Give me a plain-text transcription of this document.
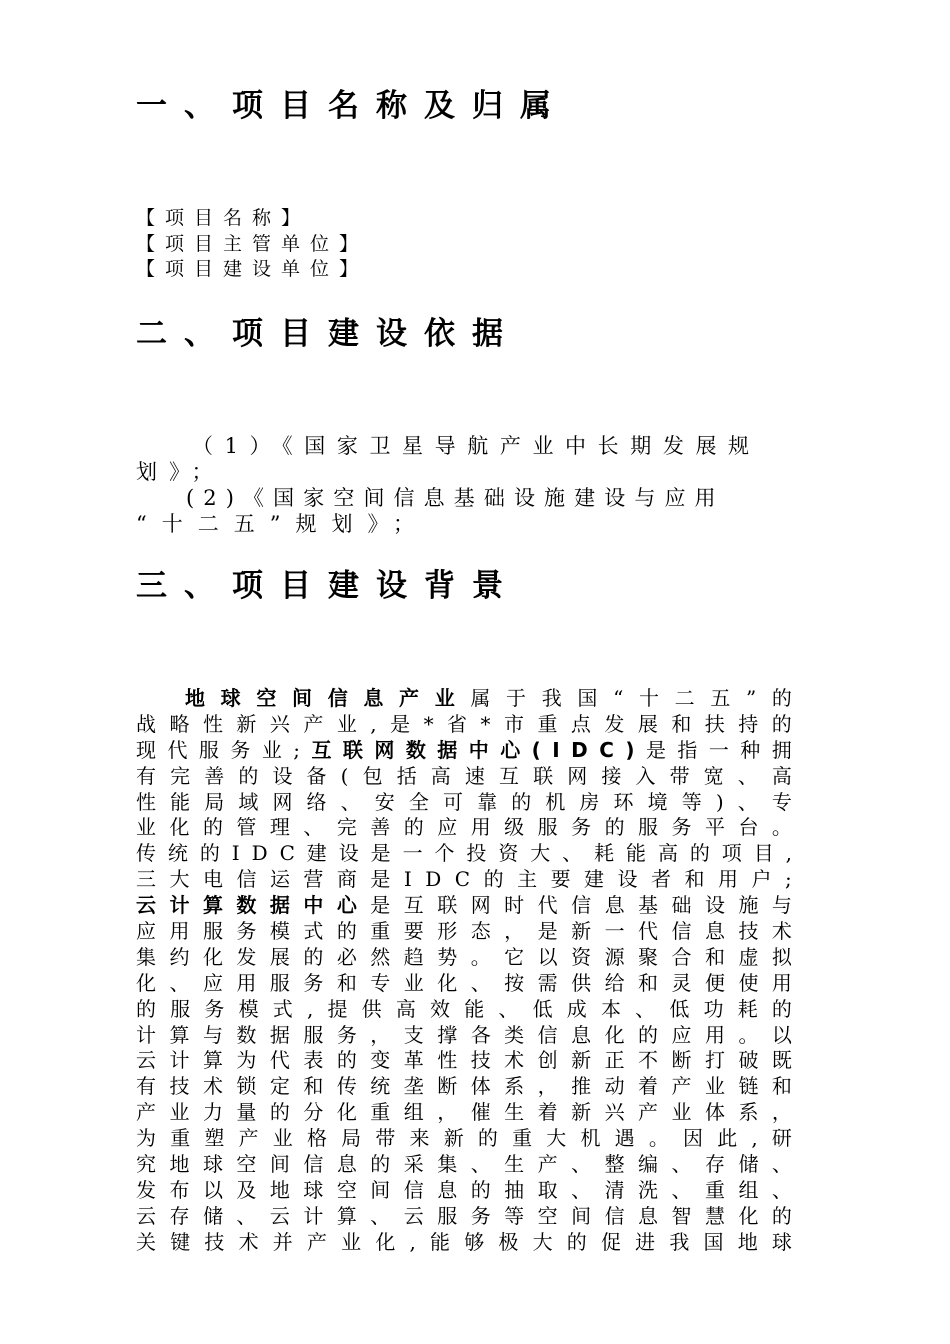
一、项目名称及归属
【项目名称】
【项目主管单位】
【项目建设单位】
二、项目建设依据
（1）《国家卫星导航产业中长期发展规
划》；
(2)《国家空间信息基础设施建设与应用
“十二五”规划》；
三、项目建设背景
地 球 空 间 信 息 产 业 属 于 我 国 “ 十 二 五 ” 的
战 略 性 新 兴 产 业 , 是 * 省 * 市 重 点 发 展 和 扶 持 的
现 代 服 务 业 ; 互 联 网 数 据 中 心 ( I D C ) 是 指 一 种 拥
有 完 善 的 设 备 ( 包 括 高 速 互 联 网 接 入 带 宽 、 高
性 能 局 域 网 络 、 安 全 可 靠 的 机 房 环 境 等 ) 、 专
业 化 的 管 理 、 完 善 的 应 用 级 服 务 的 服 务 平 台 。
传 统 的 I D C 建 设 是 一 个 投 资 大 、 耗 能 高 的 项 目 ,
三 大 电 信 运 营 商 是 I D C 的 主 要 建 设 者 和 用 户 ;
云 计 算 数 据 中 心 是 互 联 网 时 代 信 息 基 础 设 施 与
应 用 服 务 模 式 的 重 要 形 态 ， 是 新 一 代 信 息 技 术
集 约 化 发 展 的 必 然 趋 势 。 它 以 资 源 聚 合 和 虚 拟
化 、 应 用 服 务 和 专 业 化 、 按 需 供 给 和 灵 便 使 用
的 服 务 模 式 , 提 供 高 效 能 、 低 成 本 、 低 功 耗 的
计 算 与 数 据 服 务 ， 支 撑 各 类 信 息 化 的 应 用 。 以
云 计 算 为 代 表 的 变 革 性 技 术 创 新 正 不 断 打 破 既
有 技 术 锁 定 和 传 统 垄 断 体 系 ， 推 动 着 产 业 链 和
产 业 力 量 的 分 化 重 组 ， 催 生 着 新 兴 产 业 体 系 ，
为 重 塑 产 业 格 局 带 来 新 的 重 大 机 遇 。 因 此 , 研
究 地 球 空 间 信 息 的 采 集 、 生 产 、 整 编 、 存 储 、
发 布 以 及 地 球 空 间 信 息 的 抽 取 、 清 洗 、 重 组 、
云 存 储 、 云 计 算 、 云 服 务 等 空 间 信 息 智 慧 化 的
关 键 技 术 并 产 业 化 , 能 够 极 大 的 促 进 我 国 地 球
